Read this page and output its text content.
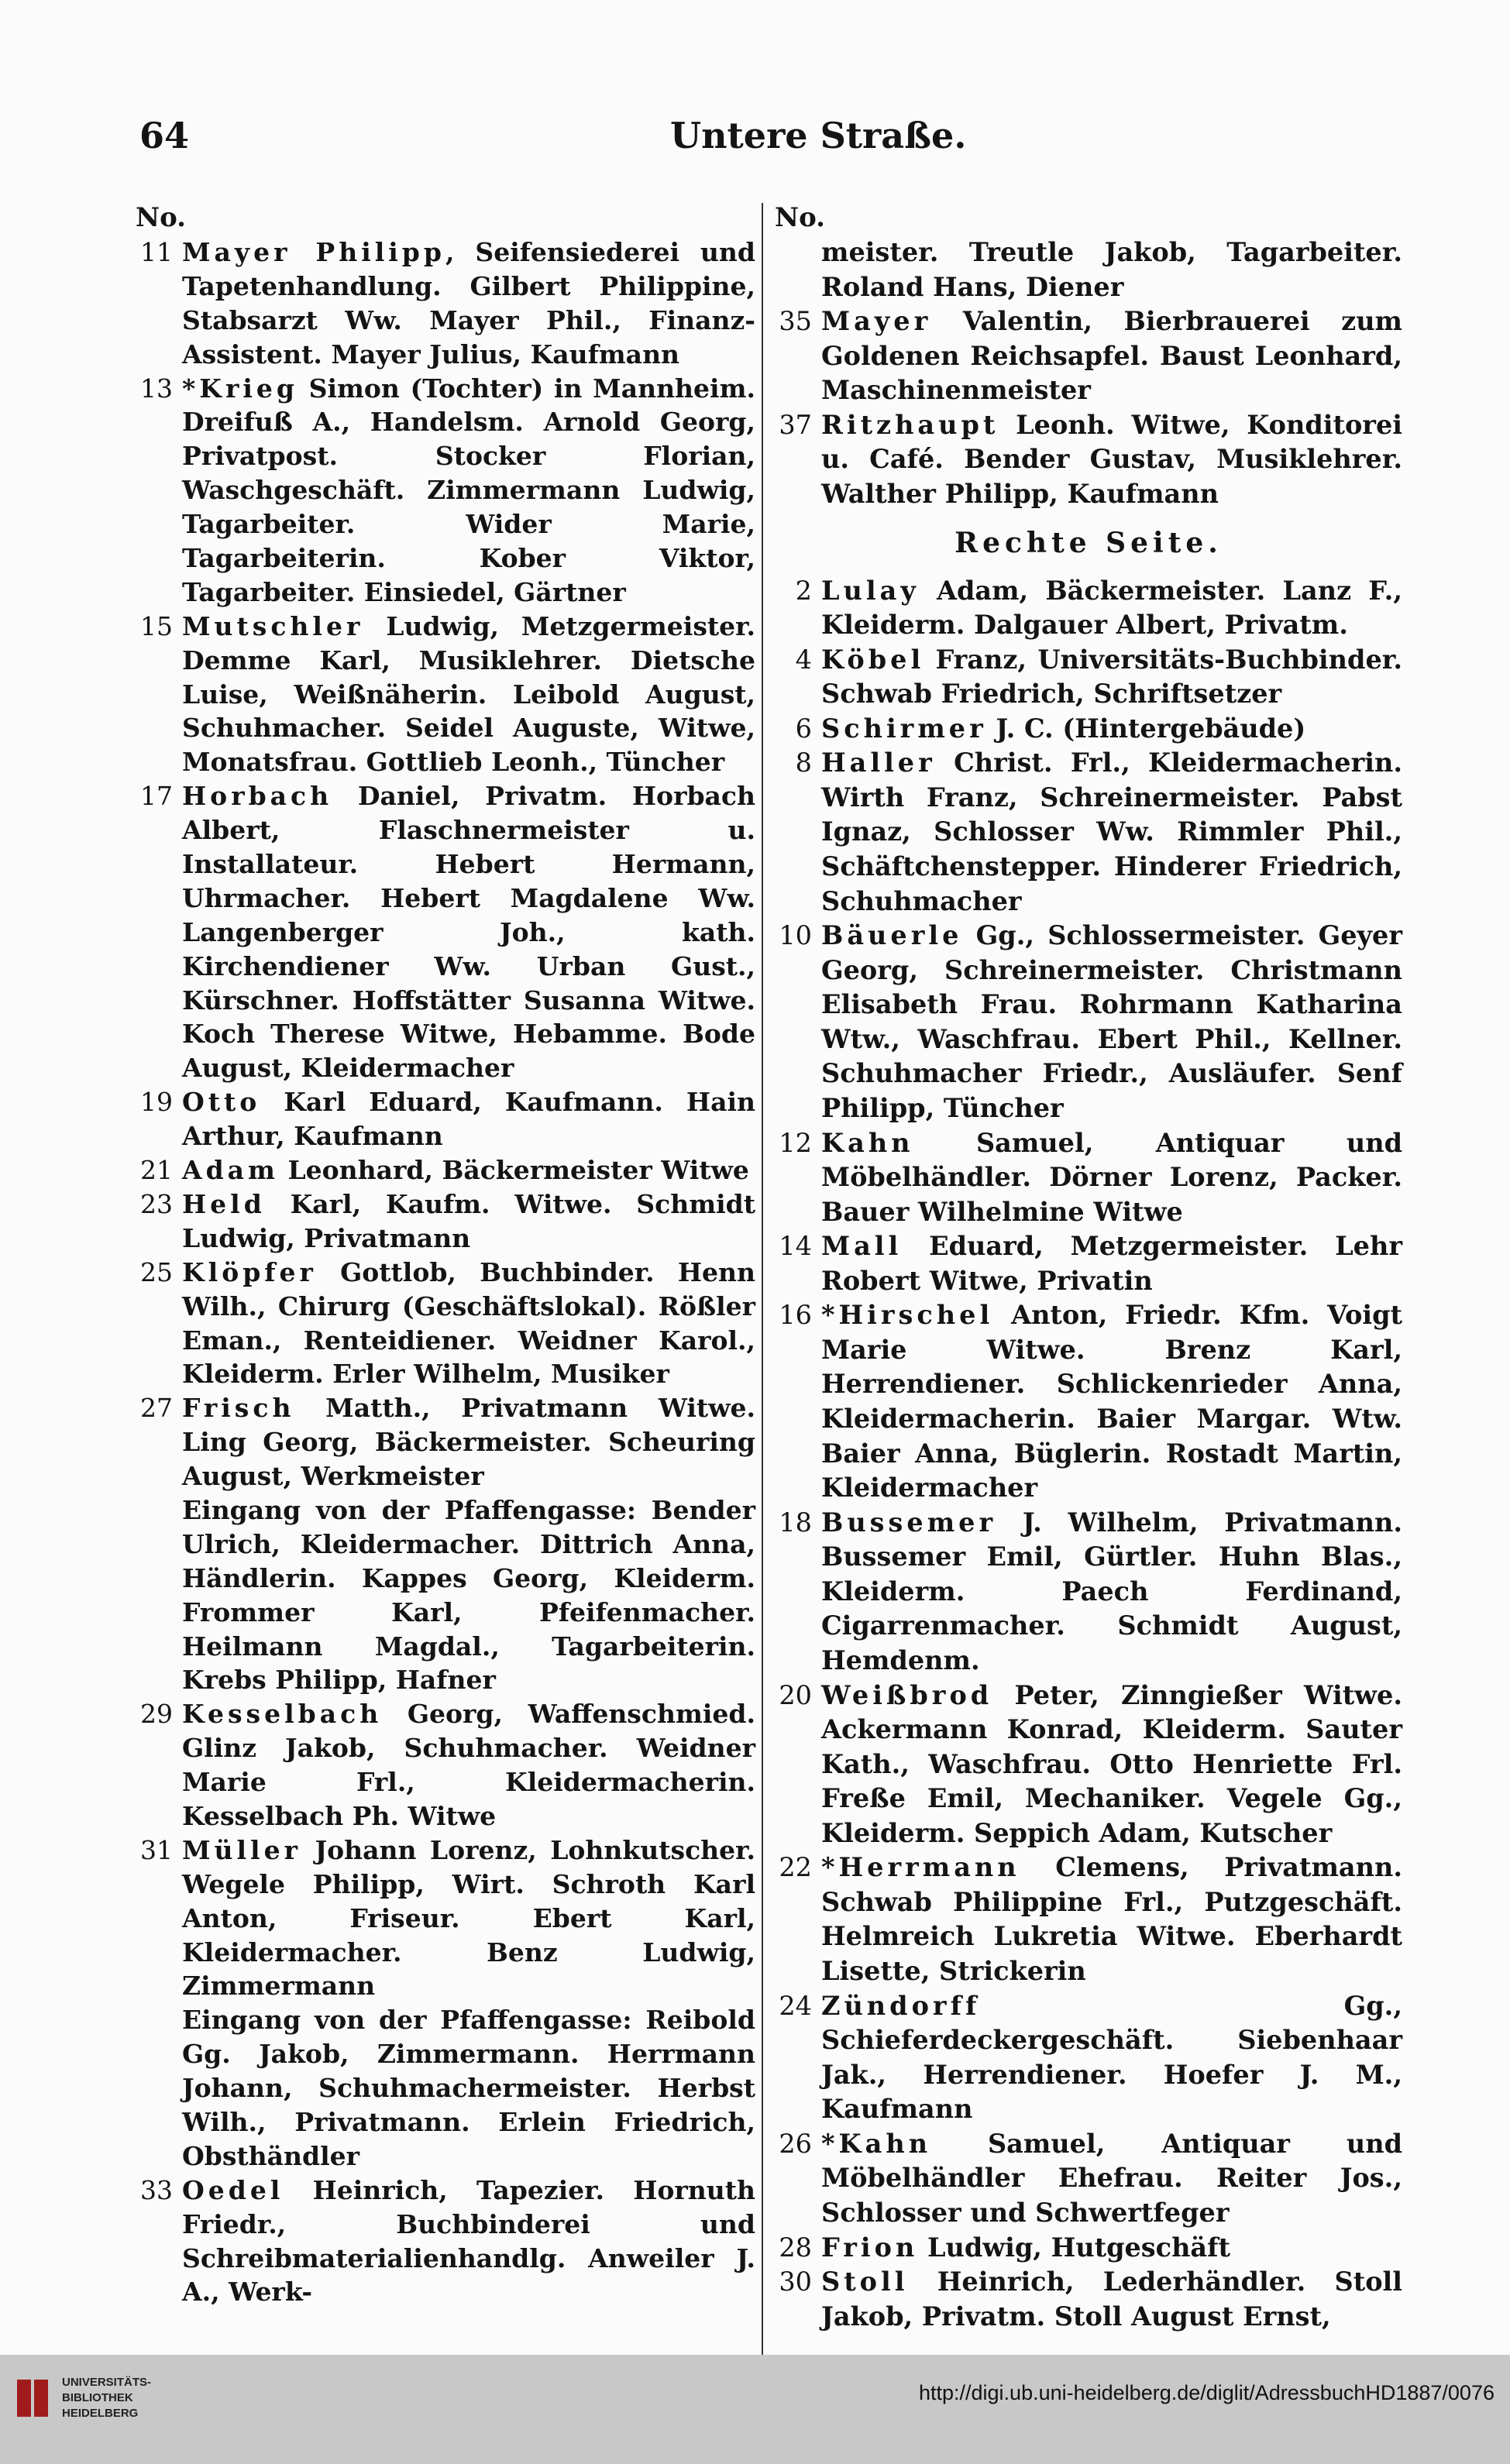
64	Untere Straße.
No.
11 Mayer Philipp, Seifensiederei und Tapetenhandlung. Gilbert Philippine, Stabsarzt Ww. Mayer Phil., Finanz-Assistent. Mayer Julius, Kaufmann
13 *Krieg Simon (Tochter) in Mannheim. Dreifuß A., Handelsm. Arnold Georg, Privatpost. Stocker Florian, Waschgeschäft. Zimmermann Ludwig, Tagarbeiter. Wider Marie, Tagarbeiterin. Kober Viktor, Tagarbeiter. Einsiedel, Gärtner
15 Mutschler Ludwig, Metzgermeister. Demme Karl, Musiklehrer. Dietsche Luise, Weißnäherin. Leibold August, Schuhmacher. Seidel Auguste, Witwe, Monatsfrau. Gottlieb Leonh., Tüncher
17 Horbach Daniel, Privatm. Horbach Albert, Flaschnermeister u. Installateur. Hebert Hermann, Uhrmacher. Hebert Magdalene Ww. Langenberger Joh., kath. Kirchendiener Ww. Urban Gust., Kürschner. Hoffstätter Susanna Witwe. Koch Therese Witwe, Hebamme. Bode August, Kleidermacher
19 Otto Karl Eduard, Kaufmann. Hain Arthur, Kaufmann
21 Adam Leonhard, Bäckermeister Witwe
23 Held Karl, Kaufm. Witwe. Schmidt Ludwig, Privatmann
25 Klöpfer Gottlob, Buchbinder. Henn Wilh., Chirurg (Geschäftslokal). Rößler Eman., Renteidiener. Weidner Karol., Kleiderm. Erler Wilhelm, Musiker
27 Frisch Matth., Privatmann Witwe. Ling Georg, Bäckermeister. Scheuring August, Werkmeister
Eingang von der Pfaffengasse: Bender Ulrich, Kleidermacher. Dittrich Anna, Händlerin. Kappes Georg, Kleiderm. Frommer Karl, Pfeifenmacher. Heilmann Magdal., Tagarbeiterin. Krebs Philipp, Hafner
29 Kesselbach Georg, Waffenschmied. Glinz Jakob, Schuhmacher. Weidner Marie Frl., Kleidermacherin. Kesselbach Ph. Witwe
31 Müller Johann Lorenz, Lohnkutscher. Wegele Philipp, Wirt. Schroth Karl Anton, Friseur. Ebert Karl, Kleidermacher. Benz Ludwig, Zimmermann
Eingang von der Pfaffengasse: Reibold Gg. Jakob, Zimmermann. Herrmann Johann, Schuhmachermeister. Herbst Wilh., Privatmann. Erlein Friedrich, Obsthändler
33 Oedel Heinrich, Tapezier. Hornuth Friedr., Buchbinderei und Schreibmaterialienhandlg. Anweiler J. A., Werk-
No.
meister. Treutle Jakob, Tagarbeiter. Roland Hans, Diener
35 Mayer Valentin, Bierbrauerei zum Goldenen Reichsapfel. Baust Leonhard, Maschinenmeister
37 Ritzhaupt Leonh. Witwe, Konditorei u. Café. Bender Gustav, Musiklehrer. Walther Philipp, Kaufmann
Rechte Seite.
2 Lulay Adam, Bäckermeister. Lanz F., Kleiderm. Dalgauer Albert, Privatm.
4 Köbel Franz, Universitäts-Buchbinder. Schwab Friedrich, Schriftsetzer
6 Schirmer J. C. (Hintergebäude)
8 Haller Christ. Frl., Kleidermacherin. Wirth Franz, Schreinermeister. Pabst Ignaz, Schlosser Ww. Rimmler Phil., Schäftchenstepper. Hinderer Friedrich, Schuhmacher
10 Bäuerle Gg., Schlossermeister. Geyer Georg, Schreinermeister. Christmann Elisabeth Frau. Rohrmann Katharina Wtw., Waschfrau. Ebert Phil., Kellner. Schuhmacher Friedr., Ausläufer. Senf Philipp, Tüncher
12 Kahn Samuel, Antiquar und Möbelhändler. Dörner Lorenz, Packer. Bauer Wilhelmine Witwe
14 Mall Eduard, Metzgermeister. Lehr Robert Witwe, Privatin
16 *Hirschel Anton, Friedr. Kfm. Voigt Marie Witwe. Brenz Karl, Herrendiener. Schlickenrieder Anna, Kleidermacherin. Baier Margar. Wtw. Baier Anna, Büglerin. Rostadt Martin, Kleidermacher
18 Bussemer J. Wilhelm, Privatmann. Bussemer Emil, Gürtler. Huhn Blas., Kleiderm. Paech Ferdinand, Cigarrenmacher. Schmidt August, Hemdenm.
20 Weißbrod Peter, Zinngießer Witwe. Ackermann Konrad, Kleiderm. Sauter Kath., Waschfrau. Otto Henriette Frl. Freße Emil, Mechaniker. Vegele Gg., Kleiderm. Seppich Adam, Kutscher
22 *Herrmann Clemens, Privatmann. Schwab Philippine Frl., Putzgeschäft. Helmreich Lukretia Witwe. Eberhardt Lisette, Strickerin
24 Zündorff Gg., Schieferdeckergeschäft. Siebenhaar Jak., Herrendiener. Hoefer J. M., Kaufmann
26 *Kahn Samuel, Antiquar und Möbelhändler Ehefrau. Reiter Jos., Schlosser und Schwertfeger
28 Frion Ludwig, Hutgeschäft
30 Stoll Heinrich, Lederhändler. Stoll Jakob, Privatm. Stoll August Ernst,
UNIVERSITÄTS-
BIBLIOTHEK
HEIDELBERG
http://digi.ub.uni-heidelberg.de/diglit/AdressbuchHD1887/0076
